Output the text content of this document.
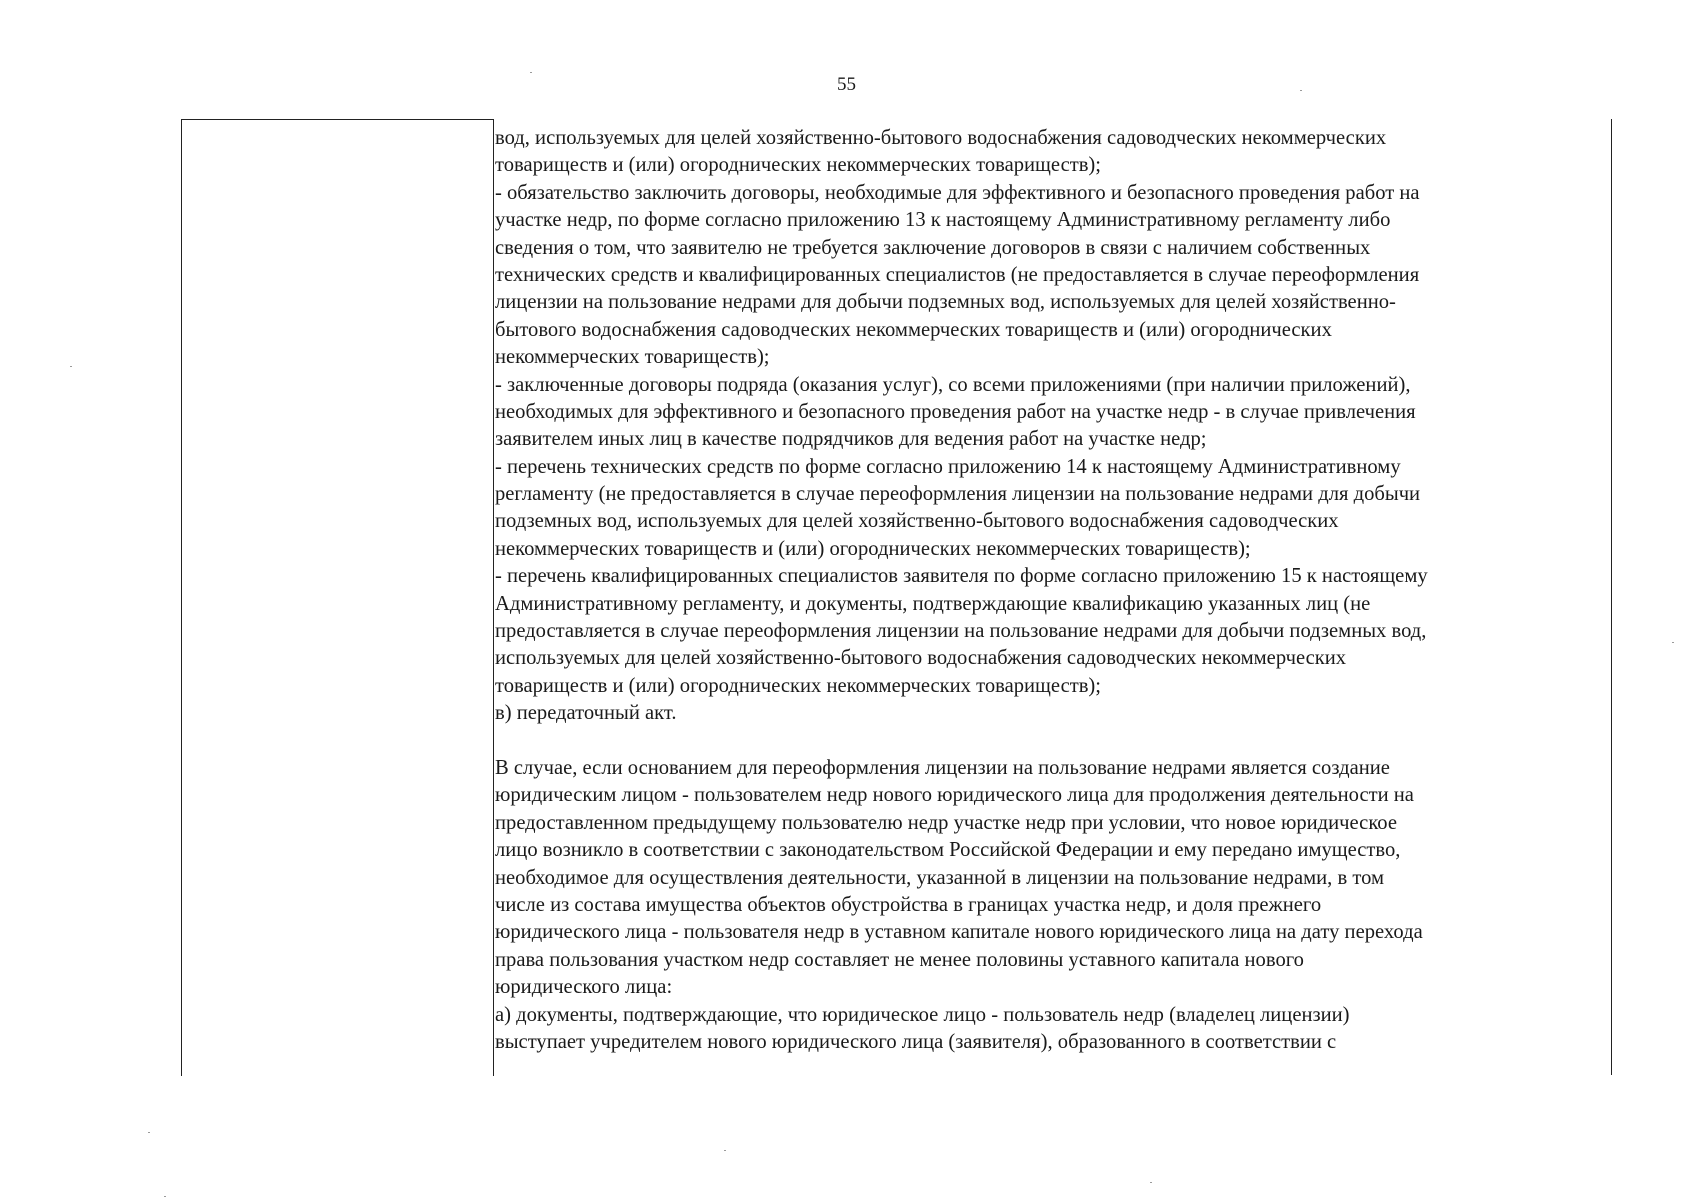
55
вод, используемых для целей хозяйственно-бытового водоснабжения садоводческих некоммерческих
товариществ и (или) огороднических некоммерческих товариществ);
- обязательство заключить договоры, необходимые для эффективного и безопасного проведения работ на
участке недр, по форме согласно приложению 13 к настоящему Административному регламенту либо
сведения о том, что заявителю не требуется заключение договоров в связи с наличием собственных
технических средств и квалифицированных специалистов (не предоставляется в случае переоформления
лицензии на пользование недрами для добычи подземных вод, используемых для целей хозяйственно-
бытового водоснабжения садоводческих некоммерческих товариществ и (или) огороднических
некоммерческих товариществ);
- заключенные договоры подряда (оказания услуг), со всеми приложениями (при наличии приложений),
необходимых для эффективного и безопасного проведения работ на участке недр - в случае привлечения
заявителем иных лиц в качестве подрядчиков для ведения работ на участке недр;
- перечень технических средств по форме согласно приложению 14 к настоящему Административному
регламенту (не предоставляется в случае переоформления лицензии на пользование недрами для добычи
подземных вод, используемых для целей хозяйственно-бытового водоснабжения садоводческих
некоммерческих товариществ и (или) огороднических некоммерческих товариществ);
- перечень квалифицированных специалистов заявителя по форме согласно приложению 15 к настоящему
Административному регламенту, и документы, подтверждающие квалификацию указанных лиц (не
предоставляется в случае переоформления лицензии на пользование недрами для добычи подземных вод,
используемых для целей хозяйственно-бытового водоснабжения садоводческих некоммерческих
товариществ и (или) огороднических некоммерческих товариществ);
в) передаточный акт.
В случае, если основанием для переоформления лицензии на пользование недрами является создание
юридическим лицом - пользователем недр нового юридического лица для продолжения деятельности на
предоставленном предыдущему пользователю недр участке недр при условии, что новое юридическое
лицо возникло в соответствии с законодательством Российской Федерации и ему передано имущество,
необходимое для осуществления деятельности, указанной в лицензии на пользование недрами, в том
числе из состава имущества объектов обустройства в границах участка недр, и доля прежнего
юридического лица - пользователя недр в уставном капитале нового юридического лица на дату перехода
права пользования участком недр составляет не менее половины уставного капитала нового
юридического лица:
а) документы, подтверждающие, что юридическое лицо - пользователь недр (владелец лицензии)
выступает учредителем нового юридического лица (заявителя), образованного в соответствии с
